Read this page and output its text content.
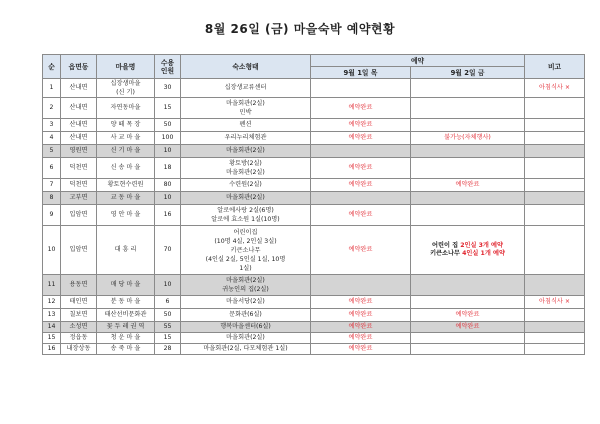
8월 26일 (금) 마을숙박 예약현황
순	읍면동	마을명	수용
인원	숙소형태	예약		비고
					9월 1일 목	9월 2일 금	
1	산내면	십장생마을
(신 기)	30	십장생교류센터			아침식사 ×
2	산내면	자연동마을	15	마을회관(2실)
민박	예약완료		
3	산내면	양 떼 목 장	50	펜션	예약완료		
4	산내면	사 교 마 을	100	우리누리체험관	예약완료	불가능(자체행사)	
5	영원면	신 기 마 을	10	마을회관(2실)			
6	덕천면	신 송 마 을	18	황토방(2실)
마을회관(2실)	예약완료		
7	덕천면	황토현수련원	80	수련원(2실)	예약완료	예약완료	
8	고부면	교 동 마 을	10	마을회관(2실)			
9	입암면	영 안 마 을	16	알로에사랑 2실(6명)
알로에 효소원 1실(10명)	예약완료		
10	입암면	대 흥 리	70	어린이집
(10명 4실, 2인실 3실)
키큰소나무
(4인실 2실, 5인실 1실, 10명
1실)	예약완료	어린이 집 2인실 3개 예약
키큰소나무 4인실 1개 예약	
11	용동면	매 당 마 을	10	마을회관(2실)
귀농인의 집(2실)			
12	태인면	분 동 마 을	6	마을서당(2실)	예약완료		아침식사 ×
13	칠보면	태산선비문화관	50	문화관(6실)	예약완료	예약완료	
14	소성면	꽃 두 레 권 역	55	행복마을센터(6실)	예약완료	예약완료	
15	정읍동	청 운 마 을	15	마을회관(2실)	예약완료		
16	내장상동	송 죽 마 을	28	마을회관(2실, 다모체험관 1실)	예약완료		
